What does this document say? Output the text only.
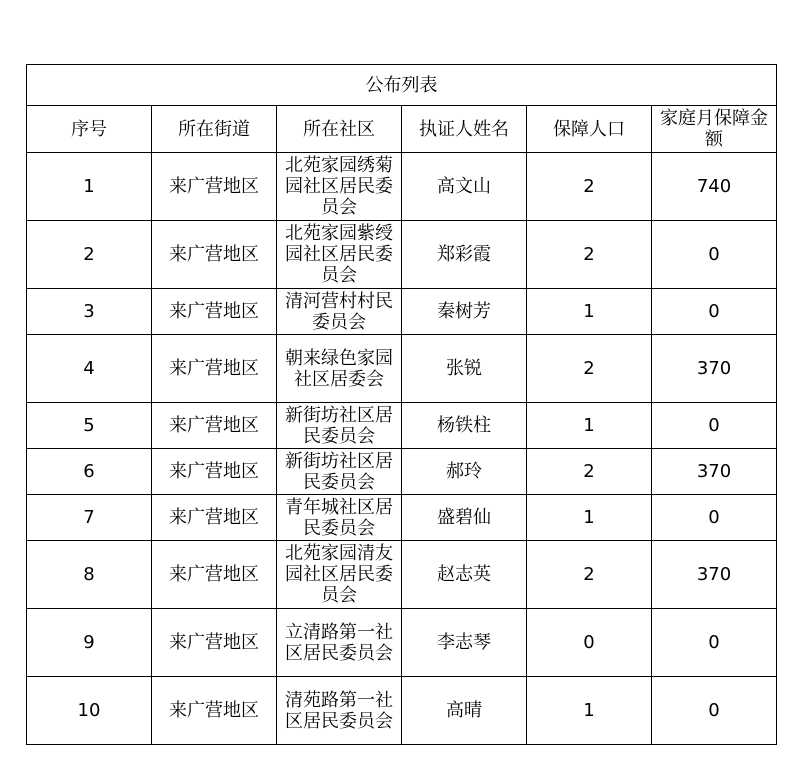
公布列表					
序号	所在街道	所在社区	执证人姓名	保障人口	家庭月保障金额
1	来广营地区	北苑家园绣菊园社区居民委员会	高文山	2	740
2	来广营地区	北苑家园紫绶园社区居民委员会	郑彩霞	2	0
3	来广营地区	清河营村村民委员会	秦树芳	1	0
4	来广营地区	朝来绿色家园社区居委会	张锐	2	370
5	来广营地区	新街坊社区居民委员会	杨铁柱	1	0
6	来广营地区	新街坊社区居民委员会	郝玲	2	370
7	来广营地区	青年城社区居民委员会	盛碧仙	1	0
8	来广营地区	北苑家园清友园社区居民委员会	赵志英	2	370
9	来广营地区	立清路第一社区居民委员会	李志琴	0	0
10	来广营地区	清苑路第一社区居民委员会	高晴	1	0
